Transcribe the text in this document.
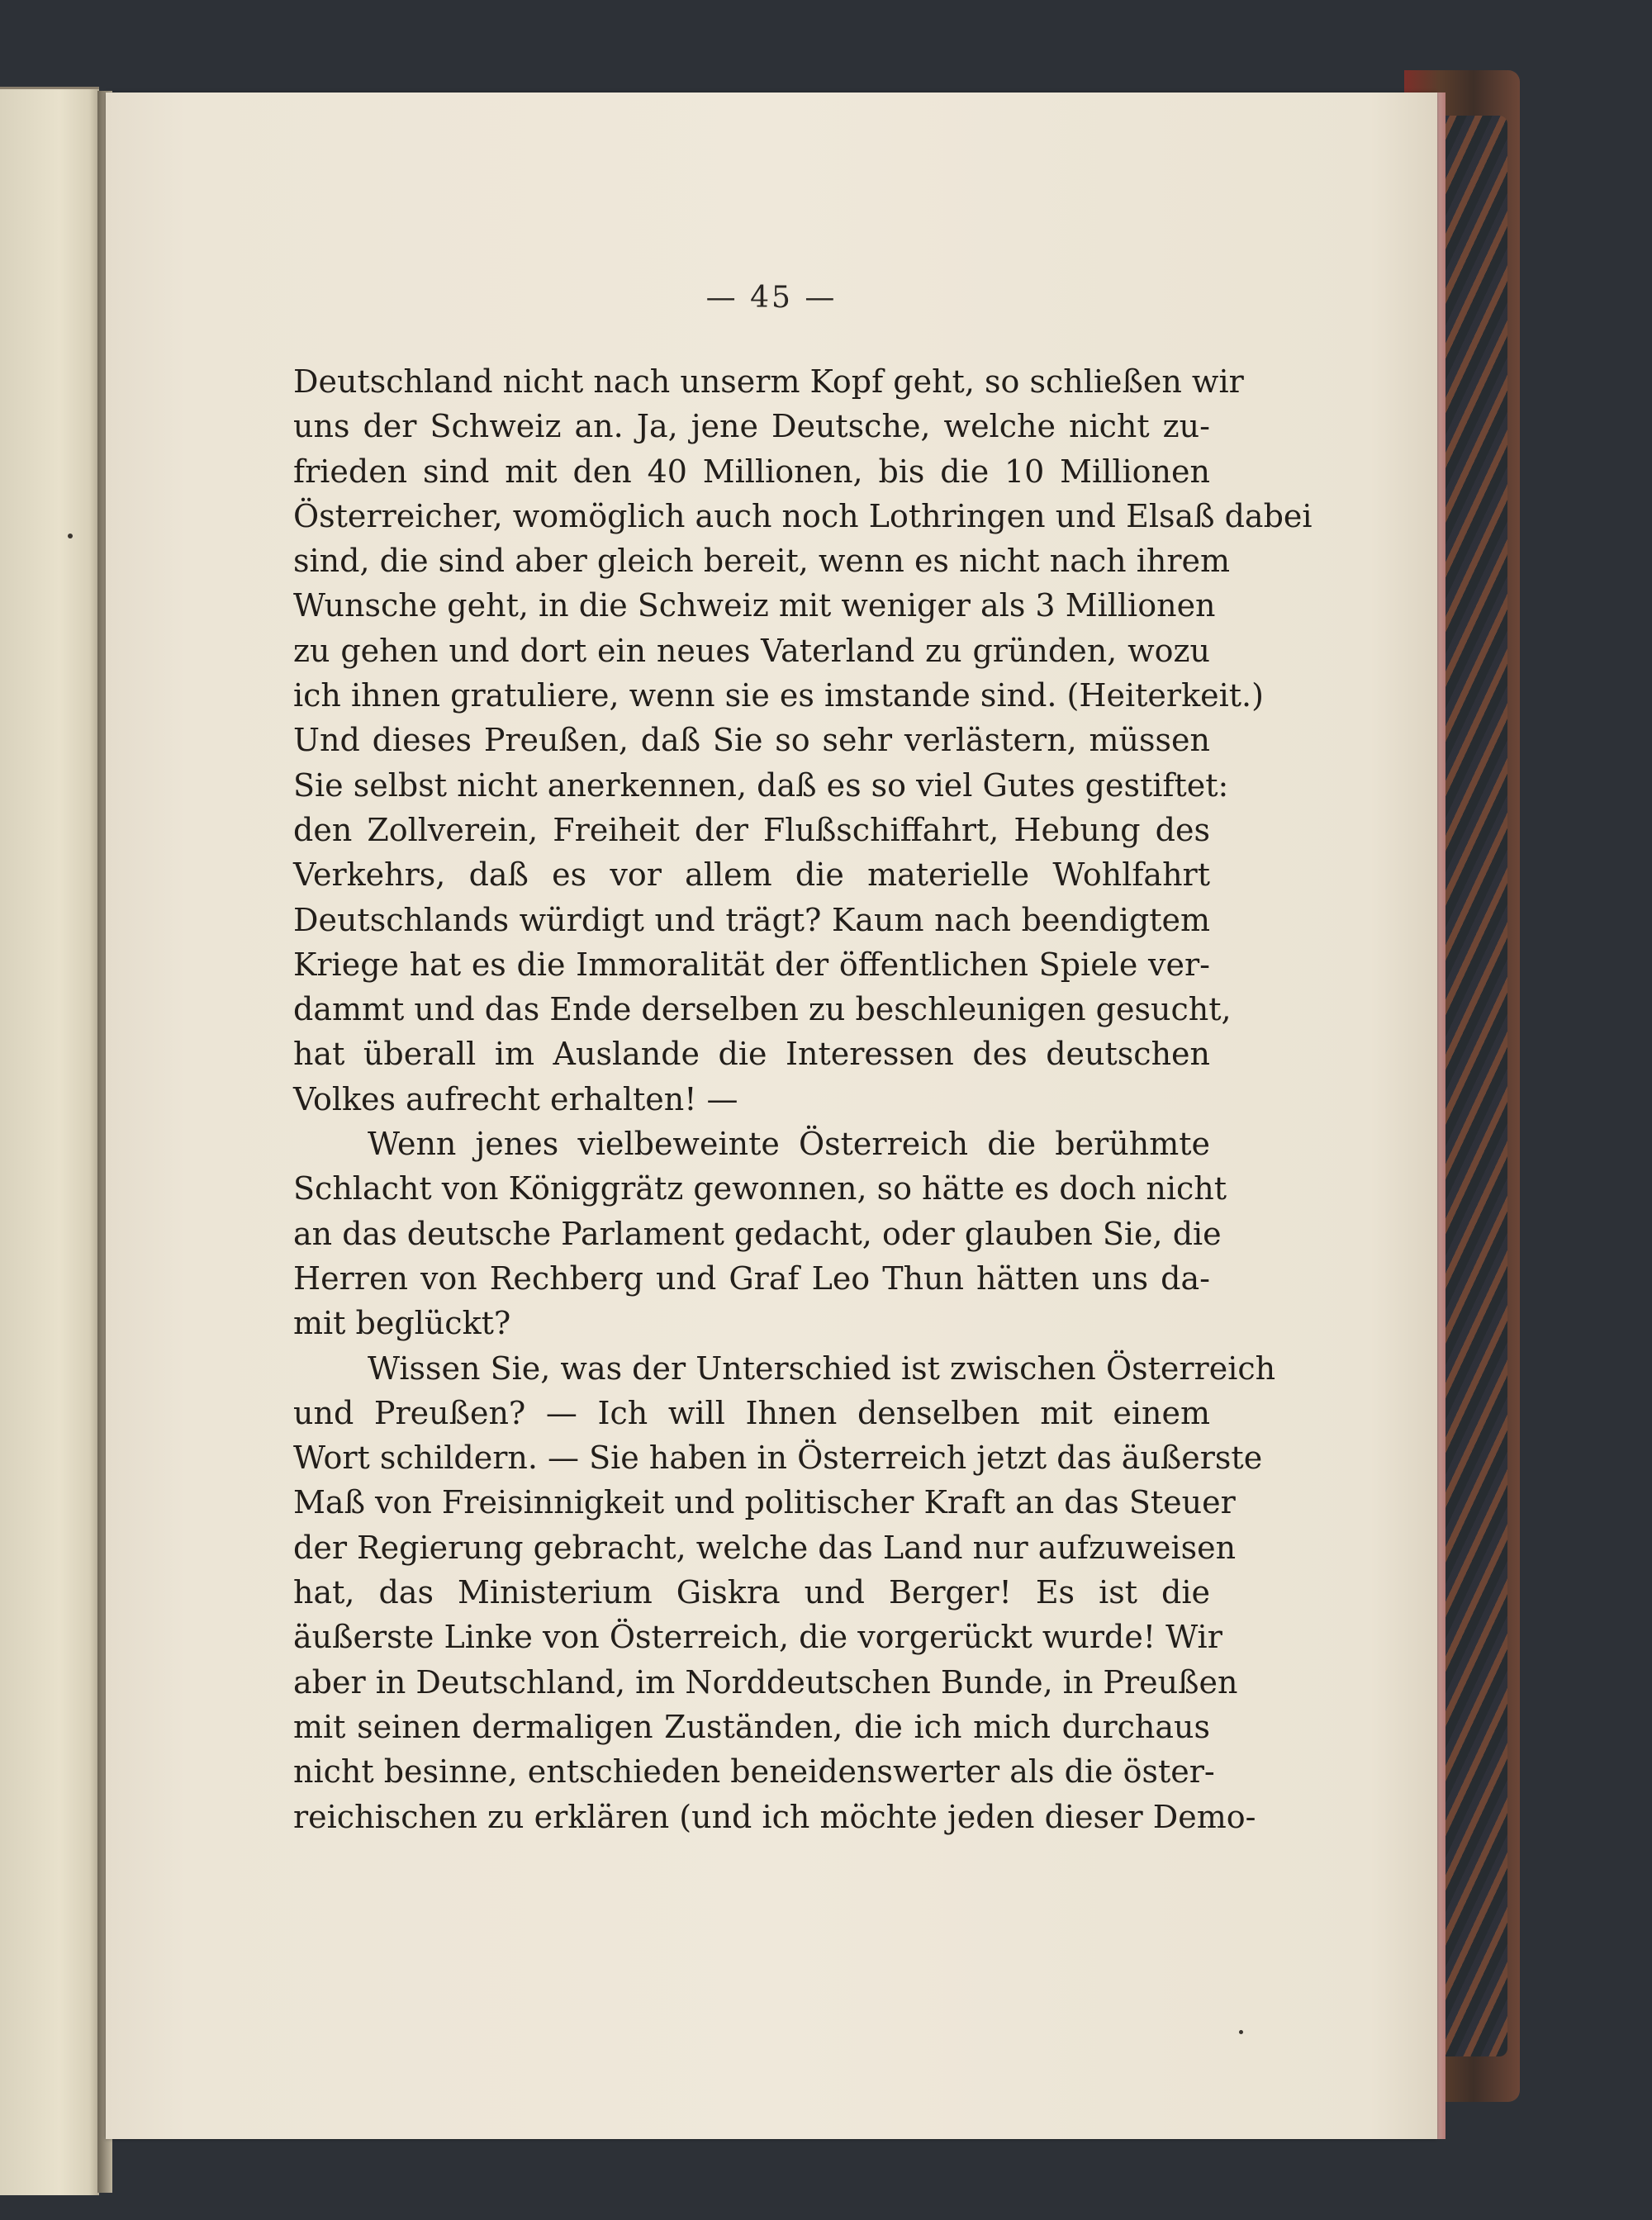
— 45 —
Deutschland nicht nach unserm Kopf geht, so schließen wir
uns der Schweiz an. Ja, jene Deutsche, welche nicht zu-
frieden sind mit den 40 Millionen, bis die 10 Millionen
Österreicher, womöglich auch noch Lothringen und Elsaß dabei
sind, die sind aber gleich bereit, wenn es nicht nach ihrem
Wunsche geht, in die Schweiz mit weniger als 3 Millionen
zu gehen und dort ein neues Vaterland zu gründen, wozu
ich ihnen gratuliere, wenn sie es imstande sind. (Heiterkeit.)
Und dieses Preußen, daß Sie so sehr verlästern, müssen
Sie selbst nicht anerkennen, daß es so viel Gutes gestiftet:
den Zollverein, Freiheit der Flußschiffahrt, Hebung des
Verkehrs, daß es vor allem die materielle Wohlfahrt
Deutschlands würdigt und trägt? Kaum nach beendigtem
Kriege hat es die Immoralität der öffentlichen Spiele ver-
dammt und das Ende derselben zu beschleunigen gesucht,
hat überall im Auslande die Interessen des deutschen
Volkes aufrecht erhalten! —
Wenn jenes vielbeweinte Österreich die berühmte
Schlacht von Königgrätz gewonnen, so hätte es doch nicht
an das deutsche Parlament gedacht, oder glauben Sie, die
Herren von Rechberg und Graf Leo Thun hätten uns da-
mit beglückt?
Wissen Sie, was der Unterschied ist zwischen Österreich
und Preußen? — Ich will Ihnen denselben mit einem
Wort schildern. — Sie haben in Österreich jetzt das äußerste
Maß von Freisinnigkeit und politischer Kraft an das Steuer
der Regierung gebracht, welche das Land nur aufzuweisen
hat, das Ministerium Giskra und Berger! Es ist die
äußerste Linke von Österreich, die vorgerückt wurde! Wir
aber in Deutschland, im Norddeutschen Bunde, in Preußen
mit seinen dermaligen Zuständen, die ich mich durchaus
nicht besinne, entschieden beneidenswerter als die öster-
reichischen zu erklären (und ich möchte jeden dieser Demo-
